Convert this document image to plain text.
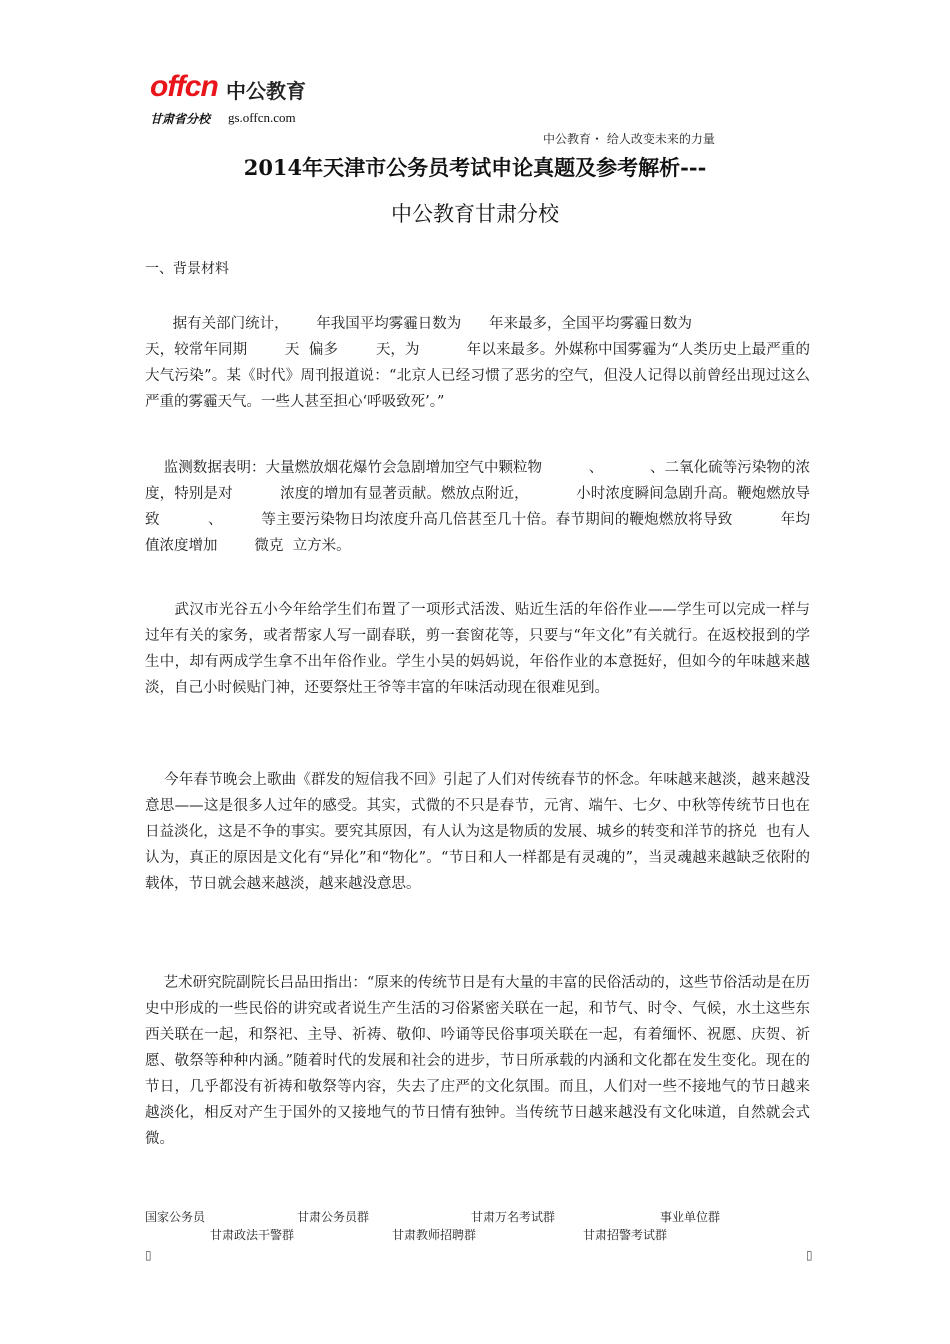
offcn 中公教育
甘肃省分校 gs.offcn.com
中公教育・ 给人改变未来的力量
2014年天津市公务员考试申论真题及参考解析---
中公教育甘肃分校
一、背景材料

据有关部门统计，      年我国平均雾霾日数为      年来最多，全国平均雾霾日数为
天，较常年同期        天  偏多        天，为          年以来最多。外媒称中国雾霾为“人类历史上最严重的大气污染”。某《时代》周刊报道说：“北京人已经习惯了恶劣的空气，但没人记得以前曾经出现过这么严重的雾霾天气。一些人甚至担心‘呼吸致死’。”

监测数据表明：大量燃放烟花爆竹会急剧增加空气中颗粒物          、          、二氧化硫等污染物的浓度，特别是对          浓度的增加有显著贡献。燃放点附近，          小时浓度瞬间急剧升高。鞭炮燃放导致          、        等主要污染物日均浓度升高几倍甚至几十倍。春节期间的鞭炮燃放将导致          年均值浓度增加        微克  立方米。

武汉市光谷五小今年给学生们布置了一项形式活泼、贴近生活的年俗作业——学生可以完成一样与过年有关的家务，或者帮家人写一副春联，剪一套窗花等，只要与“年文化”有关就行。在返校报到的学生中，却有两成学生拿不出年俗作业。学生小吴的妈妈说，年俗作业的本意挺好，但如今的年味越来越淡，自己小时候贴门神，还要祭灶王爷等丰富的年味活动现在很难见到。

今年春节晚会上歌曲《群发的短信我不回》引起了人们对传统春节的怀念。年味越来越淡，越来越没意思——这是很多人过年的感受。其实，式微的不只是春节，元宵、端午、七夕、中秋等传统节日也在日益淡化，这是不争的事实。要究其原因，有人认为这是物质的发展、城乡的转变和洋节的挤兑  也有人认为，真正的原因是文化有“异化”和“物化”。“节日和人一样都是有灵魂的”，当灵魂越来越缺乏依附的载体，节日就会越来越淡，越来越没意思。

艺术研究院副院长吕品田指出：“原来的传统节日是有大量的丰富的民俗活动的，这些节俗活动是在历史中形成的一些民俗的讲究或者说生产生活的习俗紧密关联在一起，和节气、时令、气候，水土这些东西关联在一起，和祭祀、主导、祈祷、敬仰、吟诵等民俗事项关联在一起，有着缅怀、祝愿、庆贺、祈愿、敬祭等种种内涵。”随着时代的发展和社会的进步，节日所承载的内涵和文化都在发生变化。现在的节日，几乎都没有祈祷和敬祭等内容，失去了庄严的文化氛围。而且，人们对一些不接地气的节日越来越淡化，相反对产生于国外的又接地气的节日情有独钟。当传统节日越来越没有文化味道，自然就会式微。

国家公务员	甘肃公务员群	甘肃万名考试群	事业单位群
甘肃政法干警群	甘肃教师招聘群	甘肃招警考试群
▯	▯
